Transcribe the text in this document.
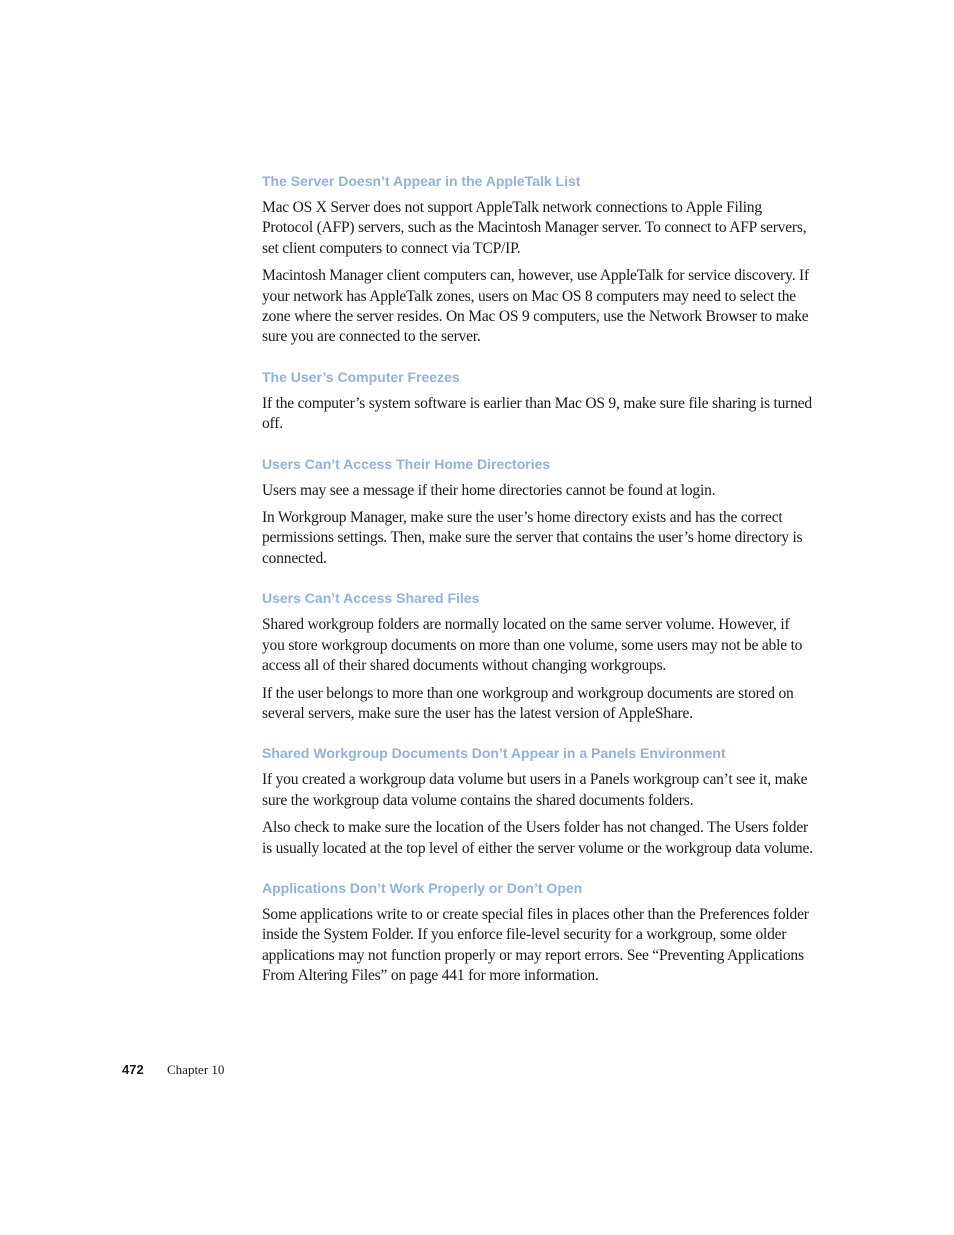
The Server Doesn’t Appear in the AppleTalk List

Mac OS X Server does not support AppleTalk network connections to Apple Filing Protocol (AFP) servers, such as the Macintosh Manager server. To connect to AFP servers, set client computers to connect via TCP/IP.

Macintosh Manager client computers can, however, use AppleTalk for service discovery. If your network has AppleTalk zones, users on Mac OS 8 computers may need to select the zone where the server resides. On Mac OS 9 computers, use the Network Browser to make sure you are connected to the server.

The User’s Computer Freezes

If the computer’s system software is earlier than Mac OS 9, make sure file sharing is turned off.

Users Can’t Access Their Home Directories

Users may see a message if their home directories cannot be found at login.

In Workgroup Manager, make sure the user’s home directory exists and has the correct permissions settings. Then, make sure the server that contains the user’s home directory is connected.

Users Can’t Access Shared Files

Shared workgroup folders are normally located on the same server volume. However, if you store workgroup documents on more than one volume, some users may not be able to access all of their shared documents without changing workgroups.

If the user belongs to more than one workgroup and workgroup documents are stored on several servers, make sure the user has the latest version of AppleShare.

Shared Workgroup Documents Don’t Appear in a Panels Environment

If you created a workgroup data volume but users in a Panels workgroup can’t see it, make sure the workgroup data volume contains the shared documents folders.

Also check to make sure the location of the Users folder has not changed. The Users folder is usually located at the top level of either the server volume or the workgroup data volume.

Applications Don’t Work Properly or Don’t Open

Some applications write to or create special files in places other than the Preferences folder inside the System Folder. If you enforce file-level security for a workgroup, some older applications may not function properly or may report errors. See “Preventing Applications From Altering Files” on page 441 for more information.

472	Chapter 10
